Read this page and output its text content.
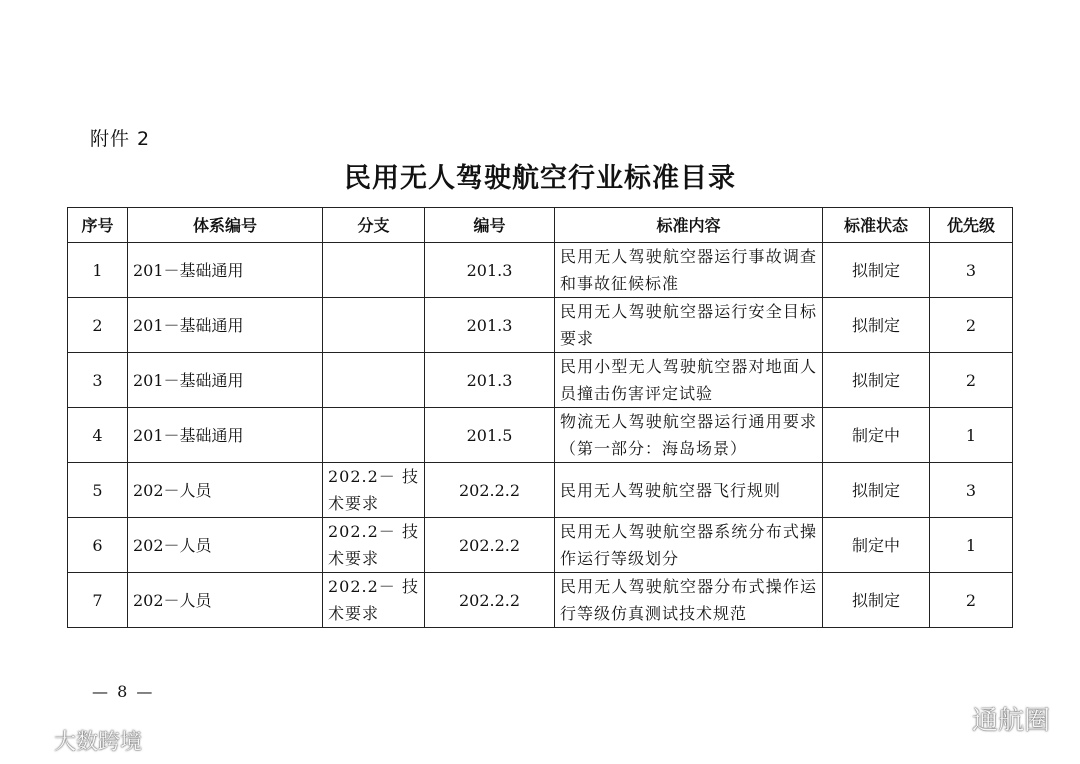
附件 2
民用无人驾驶航空行业标准目录
序号	体系编号	分支	编号	标准内容	标准状态	优先级
1	201－基础通用		201.3	民用无人驾驶航空器运行事故调查和事故征候标准	拟制定	3
2	201－基础通用		201.3	民用无人驾驶航空器运行安全目标要求	拟制定	2
3	201－基础通用		201.3	民用小型无人驾驶航空器对地面人员撞击伤害评定试验	拟制定	2
4	201－基础通用		201.5	物流无人驾驶航空器运行通用要求（第一部分：海岛场景）	制定中	1
5	202－人员	202.2－技术要求	202.2.2	民用无人驾驶航空器飞行规则	拟制定	3
6	202－人员	202.2－技术要求	202.2.2	民用无人驾驶航空器系统分布式操作运行等级划分	制定中	1
7	202－人员	202.2－技术要求	202.2.2	民用无人驾驶航空器分布式操作运行等级仿真测试技术规范	拟制定	2
— 8 —
大数跨境
通航圈
